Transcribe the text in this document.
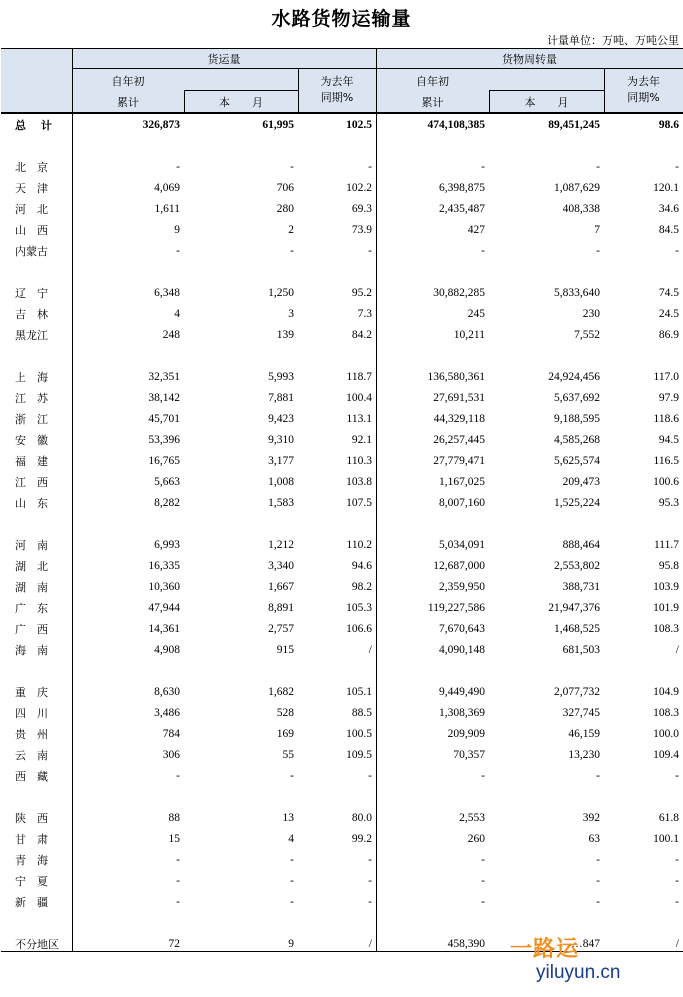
水路货物运输量
计量单位：万吨、万吨公里
货运量	货物周转量
自年初
累计	本　　月
为去年
同期%
自年初
累计	本　　月
为去年
同期%
总　计	326,873	61,995	102.5	474,108,385	89,451,245	98.6

北　京	-	-	-	-	-	-
天　津	4,069	706	102.2	6,398,875	1,087,629	120.1
河　北	1,611	280	69.3	2,435,487	408,338	34.6
山　西	9	2	73.9	427	7	84.5
内蒙古	-	-	-	-	-	-

辽　宁	6,348	1,250	95.2	30,882,285	5,833,640	74.5
吉　林	4	3	7.3	245	230	24.5
黑龙江	248	139	84.2	10,211	7,552	86.9

上　海	32,351	5,993	118.7	136,580,361	24,924,456	117.0
江　苏	38,142	7,881	100.4	27,691,531	5,637,692	97.9
浙　江	45,701	9,423	113.1	44,329,118	9,188,595	118.6
安　徽	53,396	9,310	92.1	26,257,445	4,585,268	94.5
福　建	16,765	3,177	110.3	27,779,471	5,625,574	116.5
江　西	5,663	1,008	103.8	1,167,025	209,473	100.6
山　东	8,282	1,583	107.5	8,007,160	1,525,224	95.3

河　南	6,993	1,212	110.2	5,034,091	888,464	111.7
湖　北	16,335	3,340	94.6	12,687,000	2,553,802	95.8
湖　南	10,360	1,667	98.2	2,359,950	388,731	103.9
广　东	47,944	8,891	105.3	119,227,586	21,947,376	101.9
广　西	14,361	2,757	106.6	7,670,643	1,468,525	108.3
海　南	4,908	915	/	4,090,148	681,503	/

重　庆	8,630	1,682	105.1	9,449,490	2,077,732	104.9
四　川	3,486	528	88.5	1,308,369	327,745	108.3
贵　州	784	169	100.5	209,909	46,159	100.0
云　南	306	55	109.5	70,357	13,230	109.4
西　藏	-	-	-	-	-	-

陕　西	88	13	80.0	2,553	392	61.8
甘　肃	15	4	99.2	260	63	100.1
青　海	-	-	-	-	-	-
宁　夏	-	-	-	-	-	-
新　疆	-	-	-	-	-	-

不分地区	72	9	/	458,390	…847	/
一路运
yiluyun.cn
